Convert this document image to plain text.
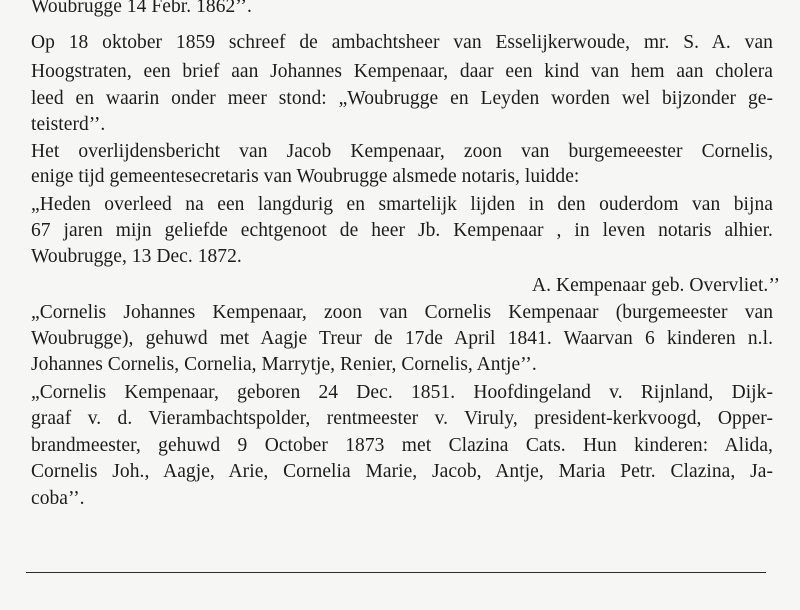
Woubrugge 14 Febr. 1862’’.
Op 18 oktober 1859 schreef de ambachtsheer van Esselijkerwoude, mr. S. A. van
Hoogstraten, een brief aan Johannes Kempenaar, daar een kind van hem aan cholera
leed en waarin onder meer stond: „Woubrugge en Leyden worden wel bijzonder ge-
teisterd’’.
Het overlijdensbericht van Jacob Kempenaar, zoon van burgemeeester Cornelis,
enige tijd gemeentesecretaris van Woubrugge alsmede notaris, luidde:
„Heden overleed na een langdurig en smartelijk lijden in den ouderdom van bijna
67 jaren mijn geliefde echtgenoot de heer Jb. Kempenaar , in leven notaris alhier.
Woubrugge, 13 Dec. 1872.
A. Kempenaar geb. Overvliet.’’
„Cornelis Johannes Kempenaar, zoon van Cornelis Kempenaar (burgemeester van
Woubrugge), gehuwd met Aagje Treur de 17de April 1841. Waarvan 6 kinderen n.l.
Johannes Cornelis, Cornelia, Marrytje, Renier, Cornelis, Antje’’.
„Cornelis Kempenaar, geboren 24 Dec. 1851. Hoofdingeland v. Rijnland, Dijk-
graaf v. d. Vierambachtspolder, rentmeester v. Viruly, president-kerkvoogd, Opper-
brandmeester, gehuwd 9 October 1873 met Clazina Cats. Hun kinderen: Alida,
Cornelis Joh., Aagje, Arie, Cornelia Marie, Jacob, Antje, Maria Petr. Clazina, Ja-
coba’’.
